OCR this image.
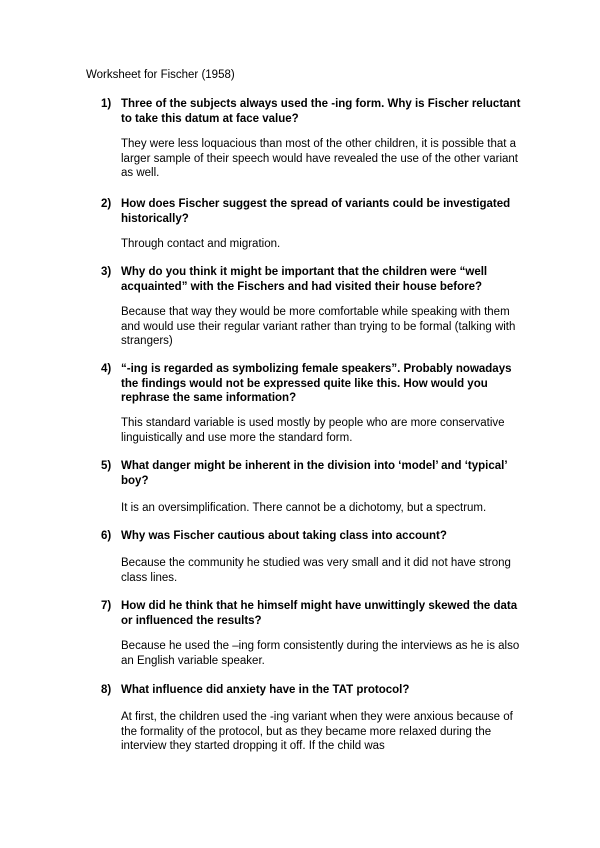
Worksheet for Fischer (1958)
1) Three of the subjects always used the -ing form. Why is Fischer reluctant to take this datum at face value?
They were less loquacious than most of the other children, it is possible that a larger sample of their speech would have revealed the use of the other variant as well.
2) How does Fischer suggest the spread of variants could be investigated historically?
Through contact and migration.
3) Why do you think it might be important that the children were “well acquainted” with the Fischers and had visited their house before?
Because that way they would be more comfortable while speaking with them and would use their regular variant rather than trying to be formal (talking with strangers)
4) “-ing is regarded as symbolizing female speakers”. Probably nowadays the findings would not be expressed quite like this. How would you rephrase the same information?
This standard variable is used mostly by people who are more conservative linguistically and use more the standard form.
5) What danger might be inherent in the division into ‘model’ and ‘typical’ boy?
It is an oversimplification. There cannot be a dichotomy, but a spectrum.
6) Why was Fischer cautious about taking class into account?
Because the community he studied was very small and it did not have strong class lines.
7) How did he think that he himself might have unwittingly skewed the data or influenced the results?
Because he used the –ing form consistently during the interviews as he is also an English variable speaker.
8) What influence did anxiety have in the TAT protocol?
At first, the children used the -ing variant when they were anxious because of the formality of the protocol, but as they became more relaxed during the interview they started dropping it off. If the child was
